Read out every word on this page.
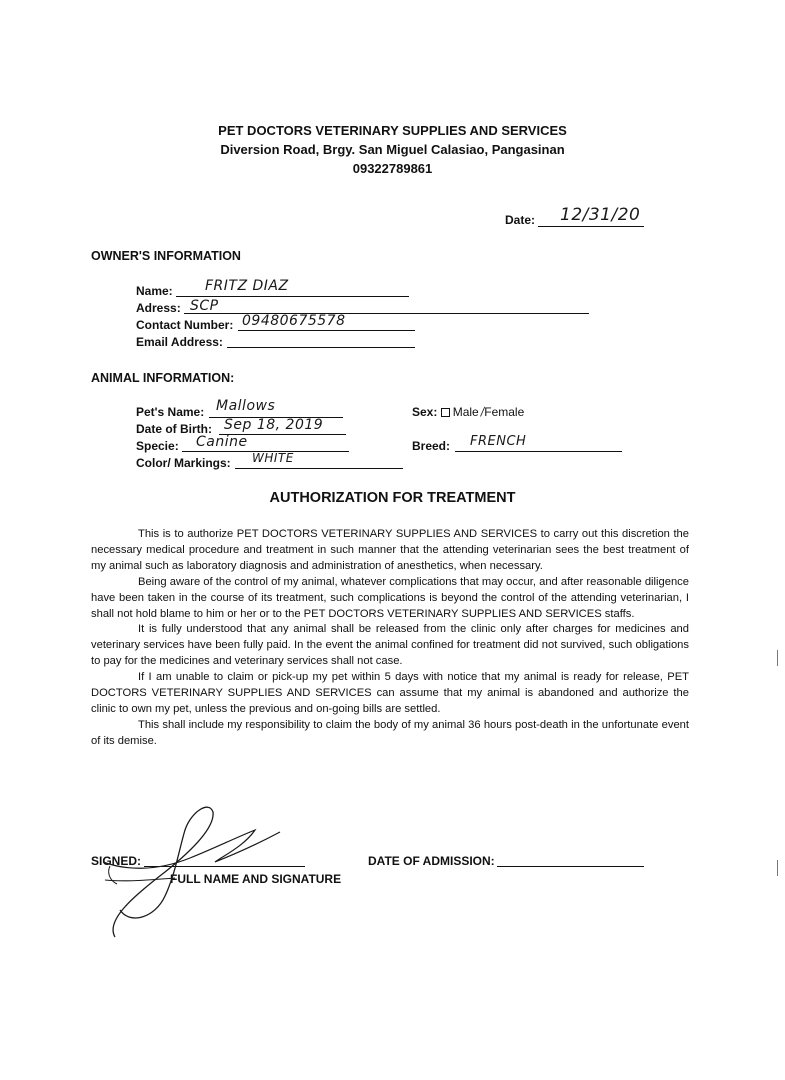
PET DOCTORS VETERINARY SUPPLIES AND SERVICES
Diversion Road, Brgy. San Miguel Calasiao, Pangasinan
09322789861
Date: 12/31/20
OWNER'S INFORMATION
Name: FRITZ DIAZ
Adress: SCP
Contact Number: 09480675578
Email Address:
ANIMAL INFORMATION:
Pet's Name: Mallows
Date of Birth: Sep 18, 2019
Specie: Canine
Color/ Markings: WHITE
Sex: Male ⁄Female
Breed: FRENCH
AUTHORIZATION FOR TREATMENT

This is to authorize PET DOCTORS VETERINARY SUPPLIES AND SERVICES to carry out this discretion the necessary medical procedure and treatment in such manner that the attending veterinarian sees the best treatment of my animal such as laboratory diagnosis and administration of anesthetics, when necessary.

Being aware of the control of my animal, whatever complications that may occur, and after reasonable diligence have been taken in the course of its treatment, such complications is beyond the control of the attending veterinarian, I shall not hold blame to him or her or to the PET DOCTORS VETERINARY SUPPLIES AND SERVICES staffs.

It is fully understood that any animal shall be released from the clinic only after charges for medicines and veterinary services have been fully paid. In the event the animal confined for treatment did not survived, such obligations to pay for the medicines and veterinary services shall not case.

If I am unable to claim or pick-up my pet within 5 days with notice that my animal is ready for release, PET DOCTORS VETERINARY SUPPLIES AND SERVICES can assume that my animal is abandoned and authorize the clinic to own my pet, unless the previous and on-going bills are settled.

This shall include my responsibility to claim the body of my animal 36 hours post-death in the unfortunate event of its demise.

SIGNED:
FULL NAME AND SIGNATURE
DATE OF ADMISSION:
